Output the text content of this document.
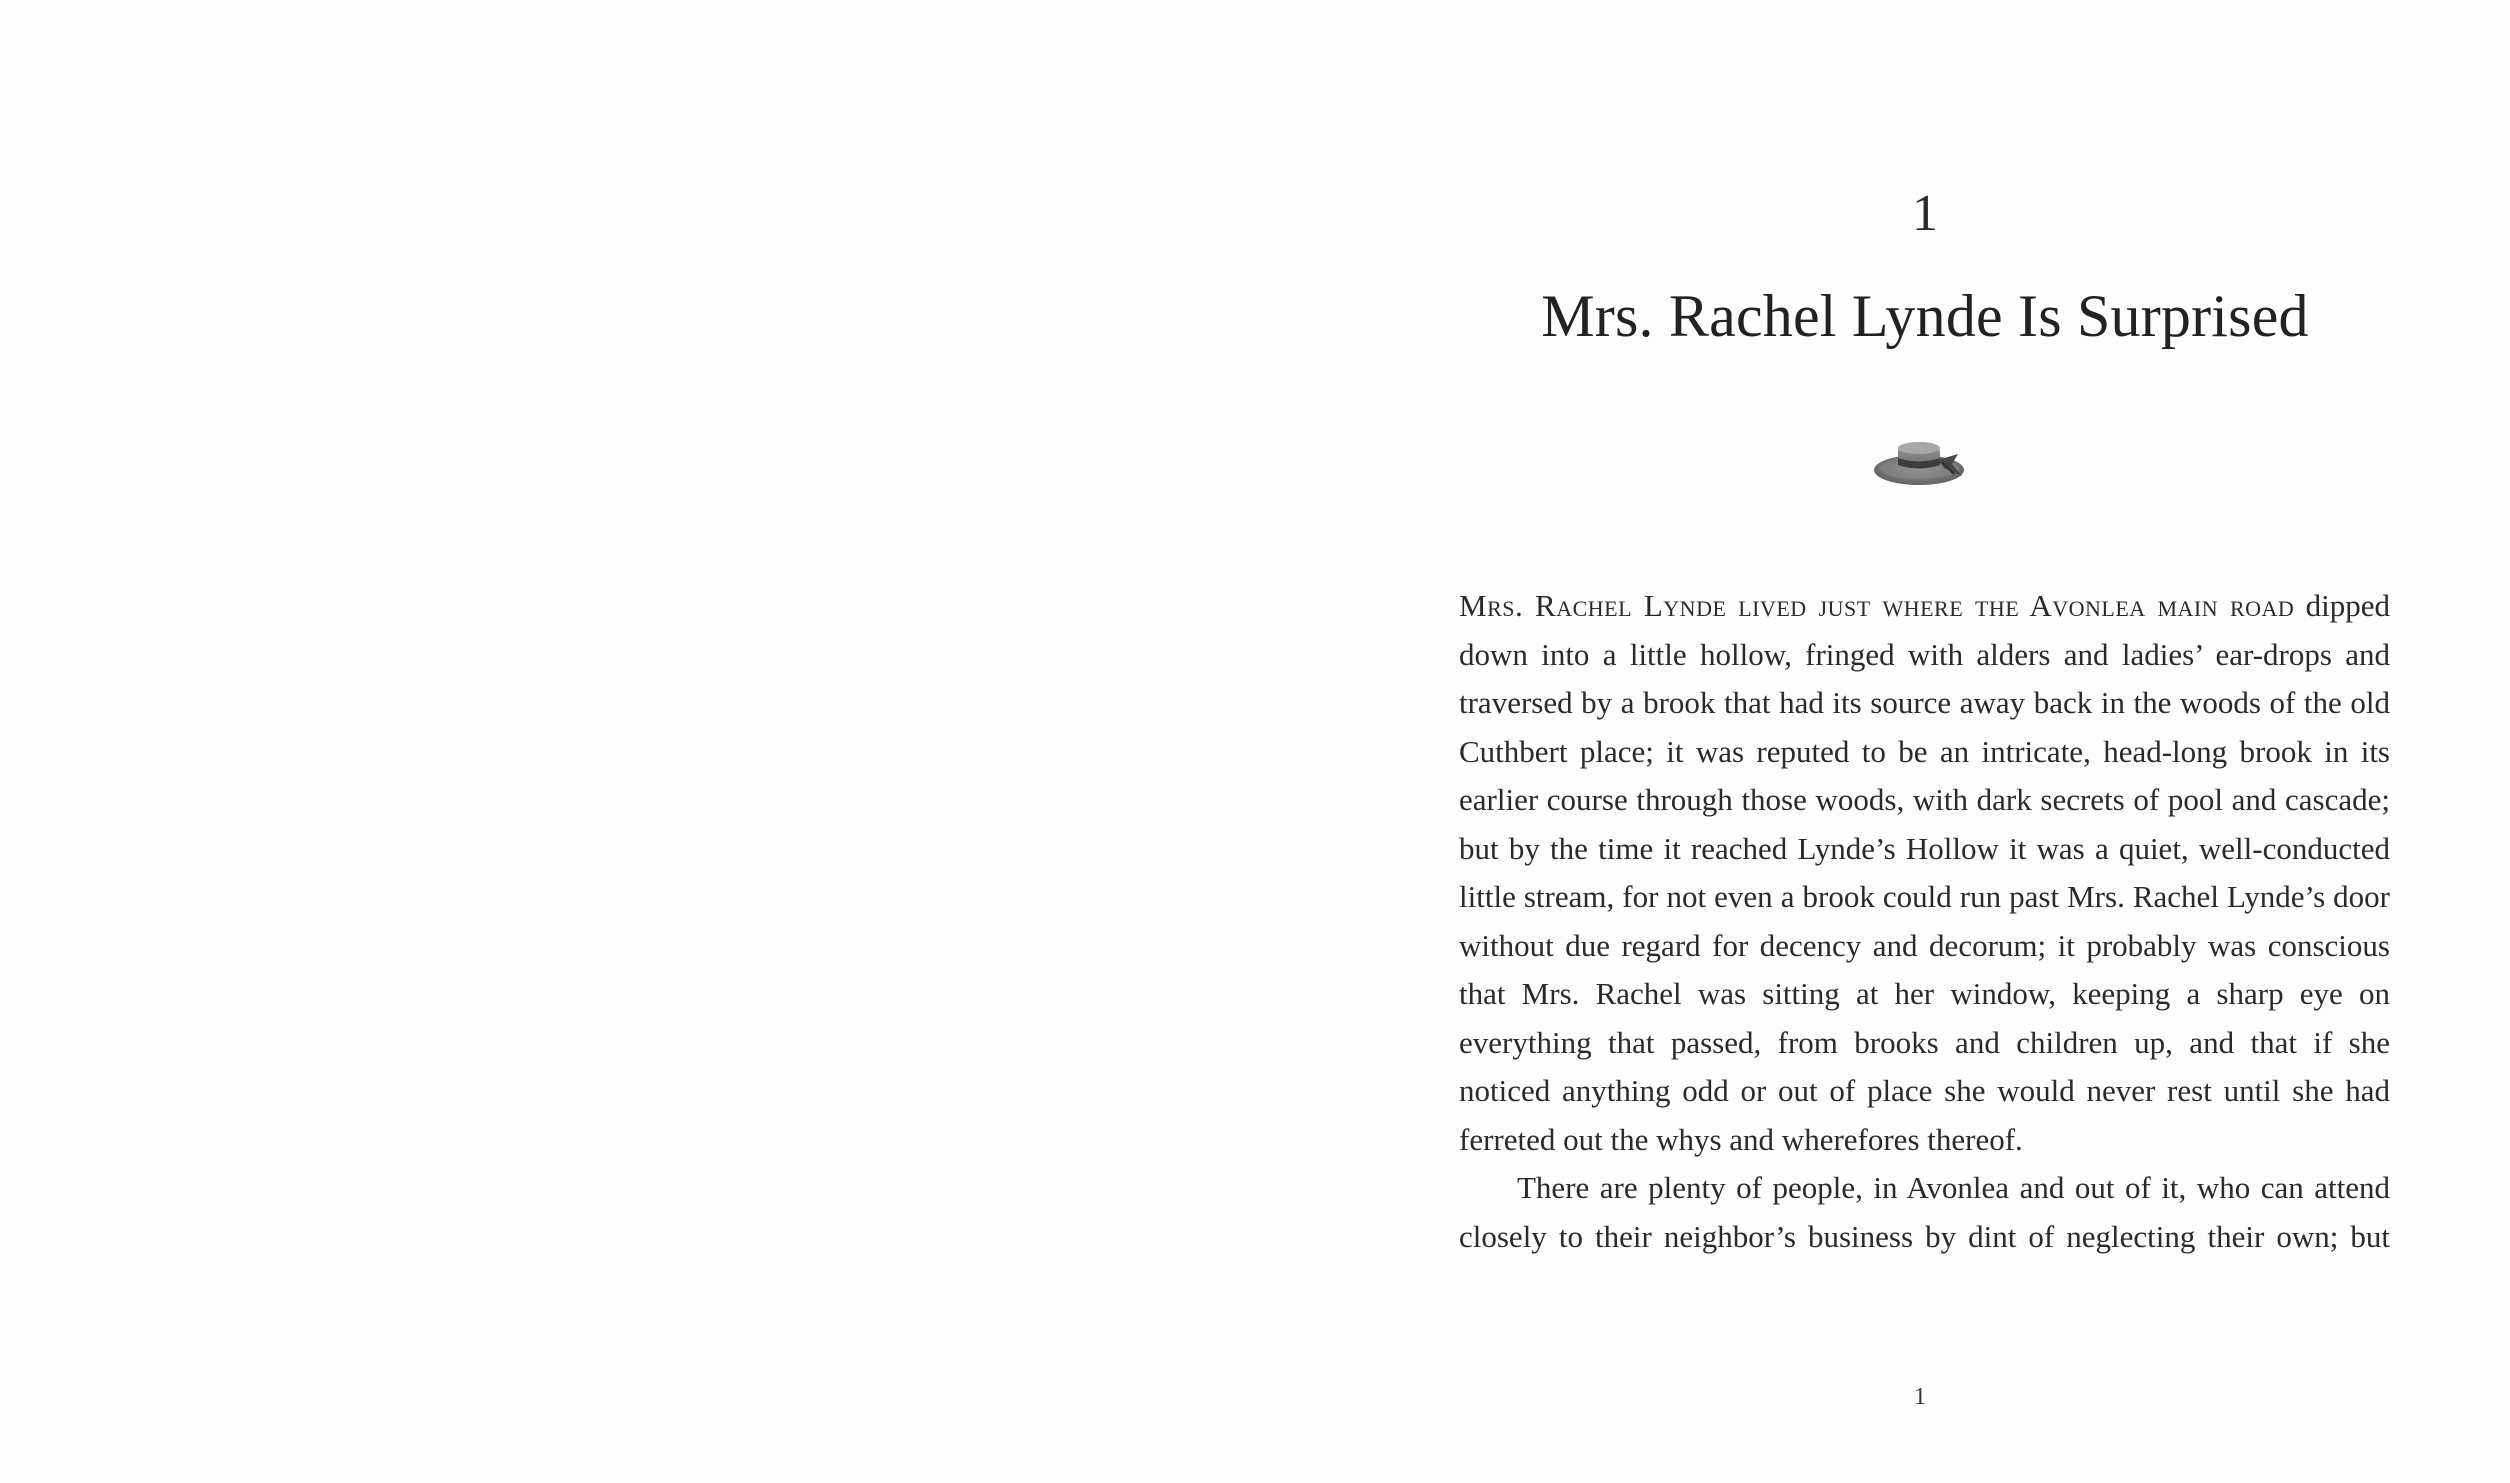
1
Mrs. Rachel Lynde Is Surprised

Mrs. Rachel Lynde lived just where the Avonlea main road dipped down into a little hollow, fringed with alders and ladies’ ear-drops and traversed by a brook that had its source away back in the woods of the old Cuthbert place; it was reputed to be an intricate, head-long brook in its earlier course through those woods, with dark secrets of pool and cascade; but by the time it reached Lynde’s Hollow it was a quiet, well-conducted little stream, for not even a brook could run past Mrs. Rachel Lynde’s door without due regard for decency and decorum; it probably was conscious that Mrs. Rachel was sitting at her window, keeping a sharp eye on everything that passed, from brooks and children up, and that if she noticed anything odd or out of place she would never rest until she had ferreted out the whys and wherefores thereof.

There are plenty of people, in Avonlea and out of it, who can attend closely to their neighbor’s business by dint of neglecting their own; but

1
